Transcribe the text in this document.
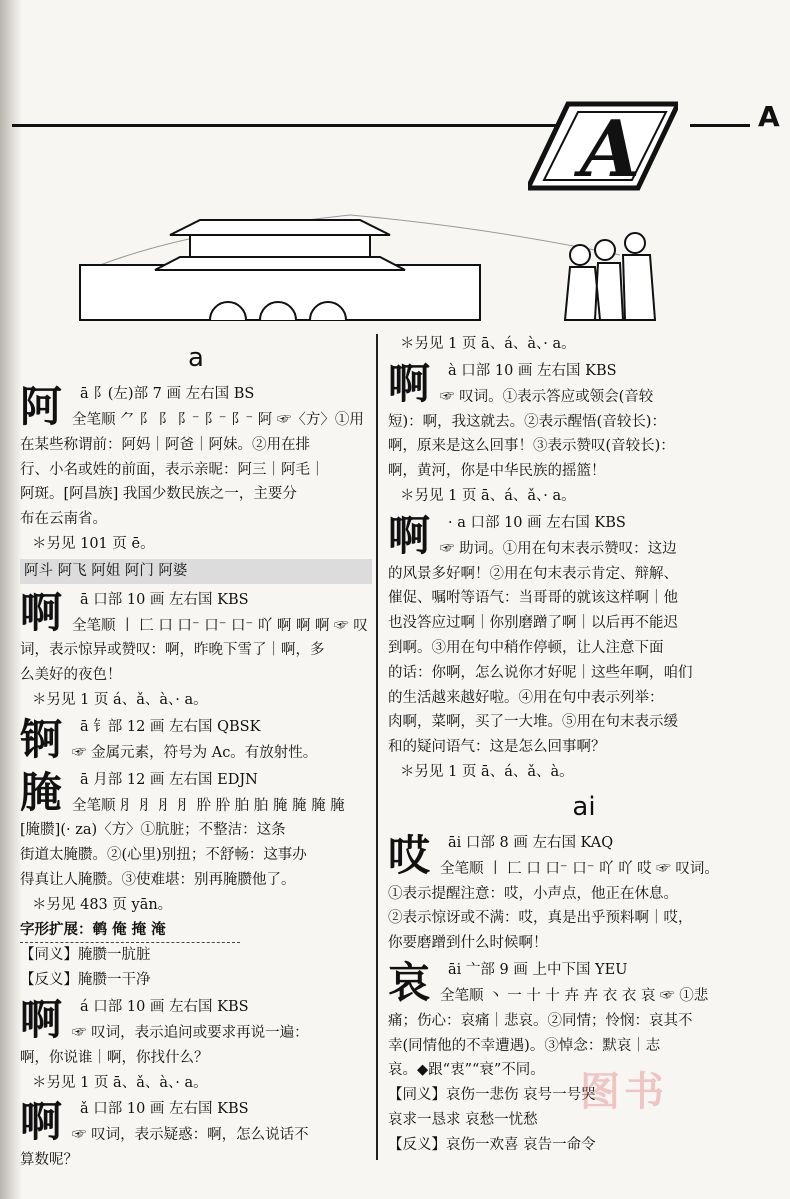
A
A
a
阿 ā 阝(左)部 7 画 左右国 BS
全笔顺 ⺈ ⻖ ⻖ ⻖⁻ ⻖⁻ ⻖⁻ 阿 ☞〈方〉①用
在某些称谓前：阿妈｜阿爸｜阿妹。②用在排
行、小名或姓的前面，表示亲昵：阿三｜阿毛｜
阿斑。[阿昌族] 我国少数民族之一，主要分
布在云南省。
＊另见 101 页 ē。
阿斗 阿飞 阿姐 阿门 阿婆
啊 ā 口部 10 画 左右国 KBS
全笔顺 ⼁ ⼕ ⼝ ⼝⁻ ⼝⁻ ⼝⁻ 吖 啊 啊 啊 ☞ 叹
词，表示惊异或赞叹：啊，昨晚下雪了｜啊，多
么美好的夜色！
＊另见 1 页 á、ǎ、à、· a。
锕 ā 钅部 12 画 左右国 QBSK
☞ 金属元素，符号为 Ac。有放射性。
腌 ā 月部 12 画 左右国 EDJN
全笔顺 ⺼ ⺼ ⺼ ⺼ 肸 肸 胉 胉 腌 腌 腌 腌
[腌臜](· za)〈方〉①肮脏；不整洁：这条
街道太腌臜。②(心里)别扭；不舒畅：这事办
得真让人腌臜。③使难堪：别再腌臜他了。
＊另见 483 页 yān。
字形扩展：鹌 俺 掩 淹
【同义】腌臜一肮脏
【反义】腌臜一干净
啊 á 口部 10 画 左右国 KBS
☞ 叹词，表示追问或要求再说一遍：
啊，你说谁｜啊，你找什么？
＊另见 1 页 ā、ǎ、à、· a。
啊 ǎ 口部 10 画 左右国 KBS
☞ 叹词，表示疑惑：啊，怎么说话不
算数呢？
＊另见 1 页 ā、á、à、· a。
啊 à 口部 10 画 左右国 KBS
☞ 叹词。①表示答应或领会(音较
短)：啊，我这就去。②表示醒悟(音较长)：
啊，原来是这么回事！③表示赞叹(音较长)：
啊，黄河，你是中华民族的摇篮！
＊另见 1 页 ā、á、ǎ、· a。
啊 · a 口部 10 画 左右国 KBS
☞ 助词。①用在句末表示赞叹：这边
的风景多好啊！②用在句末表示肯定、辩解、
催促、嘱咐等语气：当哥哥的就该这样啊｜他
也没答应过啊｜你别磨蹭了啊｜以后再不能迟
到啊。③用在句中稍作停顿，让人注意下面
的话：你啊，怎么说你才好呢｜这些年啊，咱们
的生活越来越好啦。④用在句中表示列举：
肉啊，菜啊，买了一大堆。⑤用在句末表示缓
和的疑问语气：这是怎么回事啊？
＊另见 1 页 ā、á、ǎ、à。
ai
哎 āi 口部 8 画 左右国 KAQ
全笔顺 ⼁ ⼕ ⼝ ⼝⁻ ⼝⁻ 吖 吖 哎 ☞ 叹词。
①表示提醒注意：哎，小声点，他正在休息。
②表示惊讶或不满：哎，真是出乎预料啊｜哎，
你要磨蹭到什么时候啊！
哀 āi 亠部 9 画 上中下国 YEU
全笔顺 ⼂ ⼀ ⼗ ⼗ 卉 卉 衣 衣 哀 ☞ ①悲
痛；伤心：哀痛｜悲哀。②同情；怜悯：哀其不
幸(同情他的不幸遭遇)。③悼念：默哀｜志
哀。◆跟“衷”“衰”不同。
【同义】哀伤一悲伤 哀号一号哭
哀求一恳求 哀愁一忧愁
【反义】哀伤一欢喜 哀告一命令
图书
